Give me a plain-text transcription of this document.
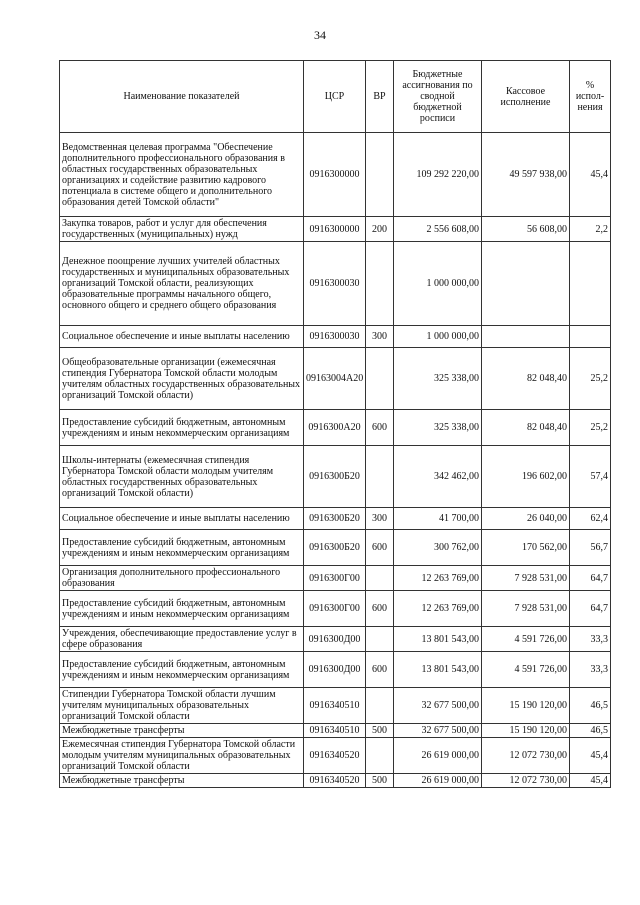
34
Наименование показателей	ЦСР	ВР	Бюджетные ассигнования по сводной бюджетной росписи	Кассовое исполнение	% испол-нения
Ведомственная целевая программа "Обеспечение дополнительного профессионального образования в областных государственных образовательных организациях и содействие развитию кадрового потенциала в системе общего и дополнительного образования детей Томской области"	0916300000		109 292 220,00	49 597 938,00	45,4
Закупка товаров, работ и услуг для обеспечения государственных (муниципальных) нужд	0916300000	200	2 556 608,00	56 608,00	2,2
Денежное поощрение лучших учителей областных государственных и муниципальных образовательных организаций Томской области, реализующих образовательные программы начального общего, основного общего и среднего общего образования	0916300030		1 000 000,00		
Социальное обеспечение и иные выплаты населению	0916300030	300	1 000 000,00		
Общеобразовательные организации (ежемесячная стипендия Губернатора Томской области молодым учителям областных государственных образовательных организаций Томской области)	09163004А20		325 338,00	82 048,40	25,2
Предоставление субсидий бюджетным, автономным учреждениям и иным некоммерческим организациям	0916300А20	600	325 338,00	82 048,40	25,2
Школы-интернаты (ежемесячная стипендия Губернатора Томской области молодым учителям областных государственных образовательных организаций Томской области)	0916300Б20		342 462,00	196 602,00	57,4
Социальное обеспечение и иные выплаты населению	0916300Б20	300	41 700,00	26 040,00	62,4
Предоставление субсидий бюджетным, автономным учреждениям и иным некоммерческим организациям	0916300Б20	600	300 762,00	170 562,00	56,7
Организация дополнительного профессионального образования	0916300Г00		12 263 769,00	7 928 531,00	64,7
Предоставление субсидий бюджетным, автономным учреждениям и иным некоммерческим организациям	0916300Г00	600	12 263 769,00	7 928 531,00	64,7
Учреждения, обеспечивающие предоставление услуг в сфере образования	0916300Д00		13 801 543,00	4 591 726,00	33,3
Предоставление субсидий бюджетным, автономным учреждениям и иным некоммерческим организациям	0916300Д00	600	13 801 543,00	4 591 726,00	33,3
Стипендии Губернатора Томской области лучшим учителям муниципальных образовательных организаций Томской области	0916340510		32 677 500,00	15 190 120,00	46,5
Межбюджетные трансферты	0916340510	500	32 677 500,00	15 190 120,00	46,5
Ежемесячная стипендия Губернатора Томской области молодым учителям муниципальных образовательных организаций Томской области	0916340520		26 619 000,00	12 072 730,00	45,4
Межбюджетные трансферты	0916340520	500	26 619 000,00	12 072 730,00	45,4
